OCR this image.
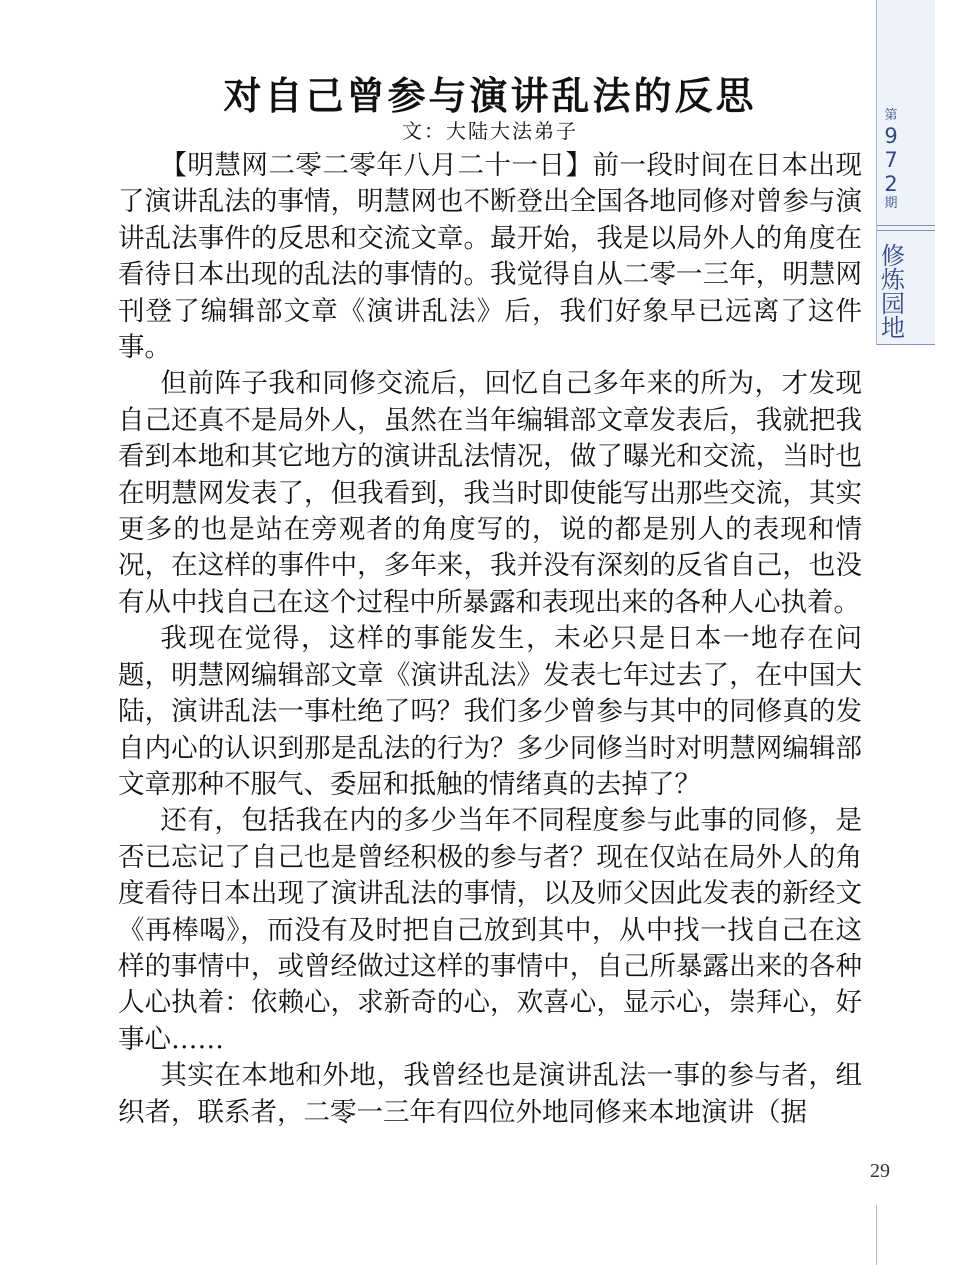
对自己曾参与演讲乱法的反思
文：大陆大法弟子

【明慧网二零二零年八月二十一日】前一段时间在日本出现了演讲乱法的事情，明慧网也不断登出全国各地同修对曾参与演讲乱法事件的反思和交流文章。最开始，我是以局外人的角度在看待日本出现的乱法的事情的。我觉得自从二零一三年，明慧网刊登了编辑部文章《演讲乱法》后，我们好象早已远离了这件事。

但前阵子我和同修交流后，回忆自己多年来的所为，才发现自己还真不是局外人，虽然在当年编辑部文章发表后，我就把我看到本地和其它地方的演讲乱法情况，做了曝光和交流，当时也在明慧网发表了，但我看到，我当时即使能写出那些交流，其实更多的也是站在旁观者的角度写的，说的都是别人的表现和情况，在这样的事件中，多年来，我并没有深刻的反省自己，也没有从中找自己在这个过程中所暴露和表现出来的各种人心执着。

我现在觉得，这样的事能发生，未必只是日本一地存在问题，明慧网编辑部文章《演讲乱法》发表七年过去了，在中国大陆，演讲乱法一事杜绝了吗？我们多少曾参与其中的同修真的发自内心的认识到那是乱法的行为？多少同修当时对明慧网编辑部文章那种不服气、委屈和抵触的情绪真的去掉了？

还有，包括我在内的多少当年不同程度参与此事的同修，是否已忘记了自己也是曾经积极的参与者？现在仅站在局外人的角度看待日本出现了演讲乱法的事情，以及师父因此发表的新经文《再棒喝》，而没有及时把自己放到其中，从中找一找自己在这样的事情中，或曾经做过这样的事情中，自己所暴露出来的各种人心执着：依赖心，求新奇的心，欢喜心，显示心，崇拜心，好事心……

其实在本地和外地，我曾经也是演讲乱法一事的参与者，组织者，联系者，二零一三年有四位外地同修来本地演讲（据

第
9
7
2
期
修
炼
园
地
29
